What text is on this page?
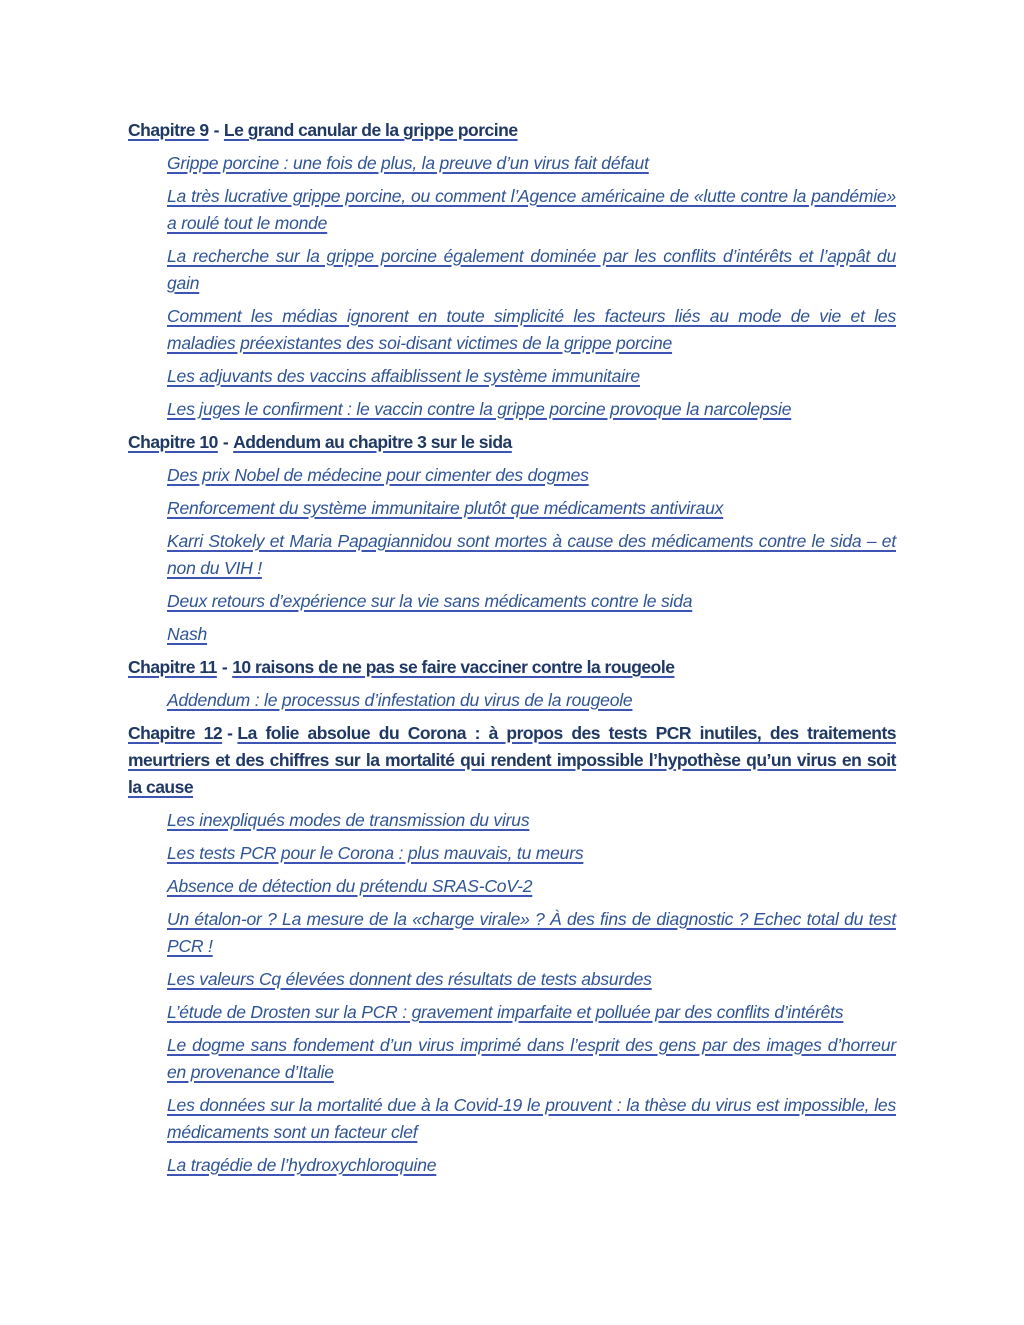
Chapitre 9 - Le grand canular de la grippe porcine

Grippe porcine : une fois de plus, la preuve d’un virus fait défaut

La très lucrative grippe porcine, ou comment l’Agence américaine de «lutte contre la pandémie» a roulé tout le monde

La recherche sur la grippe porcine également dominée par les conflits d’intérêts et l’appât du gain

Comment les médias ignorent en toute simplicité les facteurs liés au mode de vie et les maladies préexistantes des soi-disant victimes de la grippe porcine

Les adjuvants des vaccins affaiblissent le système immunitaire

Les juges le confirment : le vaccin contre la grippe porcine provoque la narcolepsie

Chapitre 10 - Addendum au chapitre 3 sur le sida

Des prix Nobel de médecine pour cimenter des dogmes

Renforcement du système immunitaire plutôt que médicaments antiviraux

Karri Stokely et Maria Papagiannidou sont mortes à cause des médicaments contre le sida – et non du VIH !

Deux retours d’expérience sur la vie sans médicaments contre le sida

Nash

Chapitre 11 - 10 raisons de ne pas se faire vacciner contre la rougeole

Addendum : le processus d’infestation du virus de la rougeole

Chapitre 12 - La folie absolue du Corona : à propos des tests PCR inutiles, des traitements meurtriers et des chiffres sur la mortalité qui rendent impossible l’hypothèse qu’un virus en soit la cause

Les inexpliqués modes de transmission du virus

Les tests PCR pour le Corona : plus mauvais, tu meurs

Absence de détection du prétendu SRAS-CoV-2

Un étalon-or ? La mesure de la «charge virale» ? À des fins de diagnostic ? Echec total du test PCR !

Les valeurs Cq élevées donnent des résultats de tests absurdes

L’étude de Drosten sur la PCR : gravement imparfaite et polluée par des conflits d’intérêts

Le dogme sans fondement d’un virus imprimé dans l’esprit des gens par des images d’horreur en provenance d’Italie

Les données sur la mortalité due à la Covid-19 le prouvent : la thèse du virus est impossible, les médicaments sont un facteur clef

La tragédie de l’hydroxychloroquine
